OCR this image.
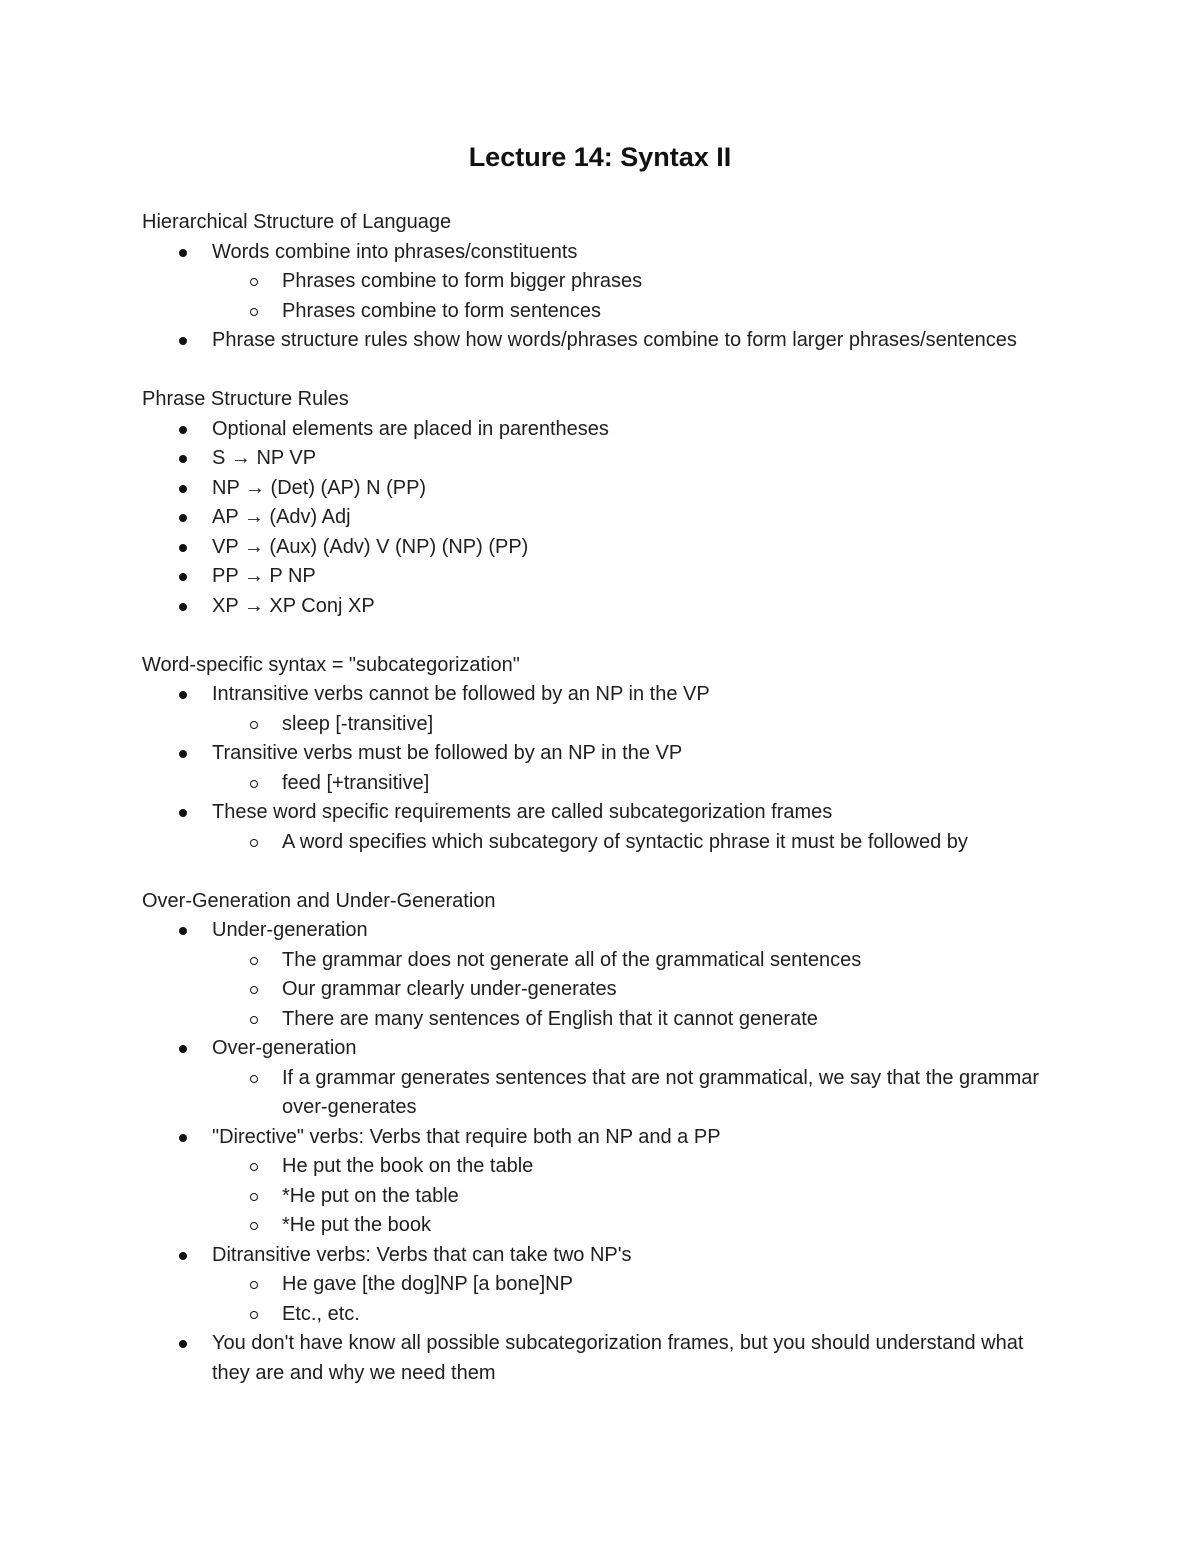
Lecture 14: Syntax II

Hierarchical Structure of Language

Words combine into phrases/constituents
Phrases combine to form bigger phrases
Phrases combine to form sentences
Phrase structure rules show how words/phrases combine to form larger phrases/sentences

Phrase Structure Rules

Optional elements are placed in parentheses
S → NP VP
NP → (Det) (AP) N (PP)
AP → (Adv) Adj
VP → (Aux) (Adv) V (NP) (NP) (PP)
PP → P NP
XP → XP Conj XP

Word-specific syntax = "subcategorization"

Intransitive verbs cannot be followed by an NP in the VP
sleep [-transitive]
Transitive verbs must be followed by an NP in the VP
feed [+transitive]
These word specific requirements are called subcategorization frames
A word specifies which subcategory of syntactic phrase it must be followed by

Over-Generation and Under-Generation

Under-generation
The grammar does not generate all of the grammatical sentences
Our grammar clearly under-generates
There are many sentences of English that it cannot generate
Over-generation
If a grammar generates sentences that are not grammatical, we say that the grammar over-generates
"Directive" verbs: Verbs that require both an NP and a PP
He put the book on the table
*He put on the table
*He put the book
Ditransitive verbs: Verbs that can take two NP's
He gave [the dog]NP [a bone]NP
Etc., etc.
You don't have know all possible subcategorization frames, but you should understand what they are and why we need them
